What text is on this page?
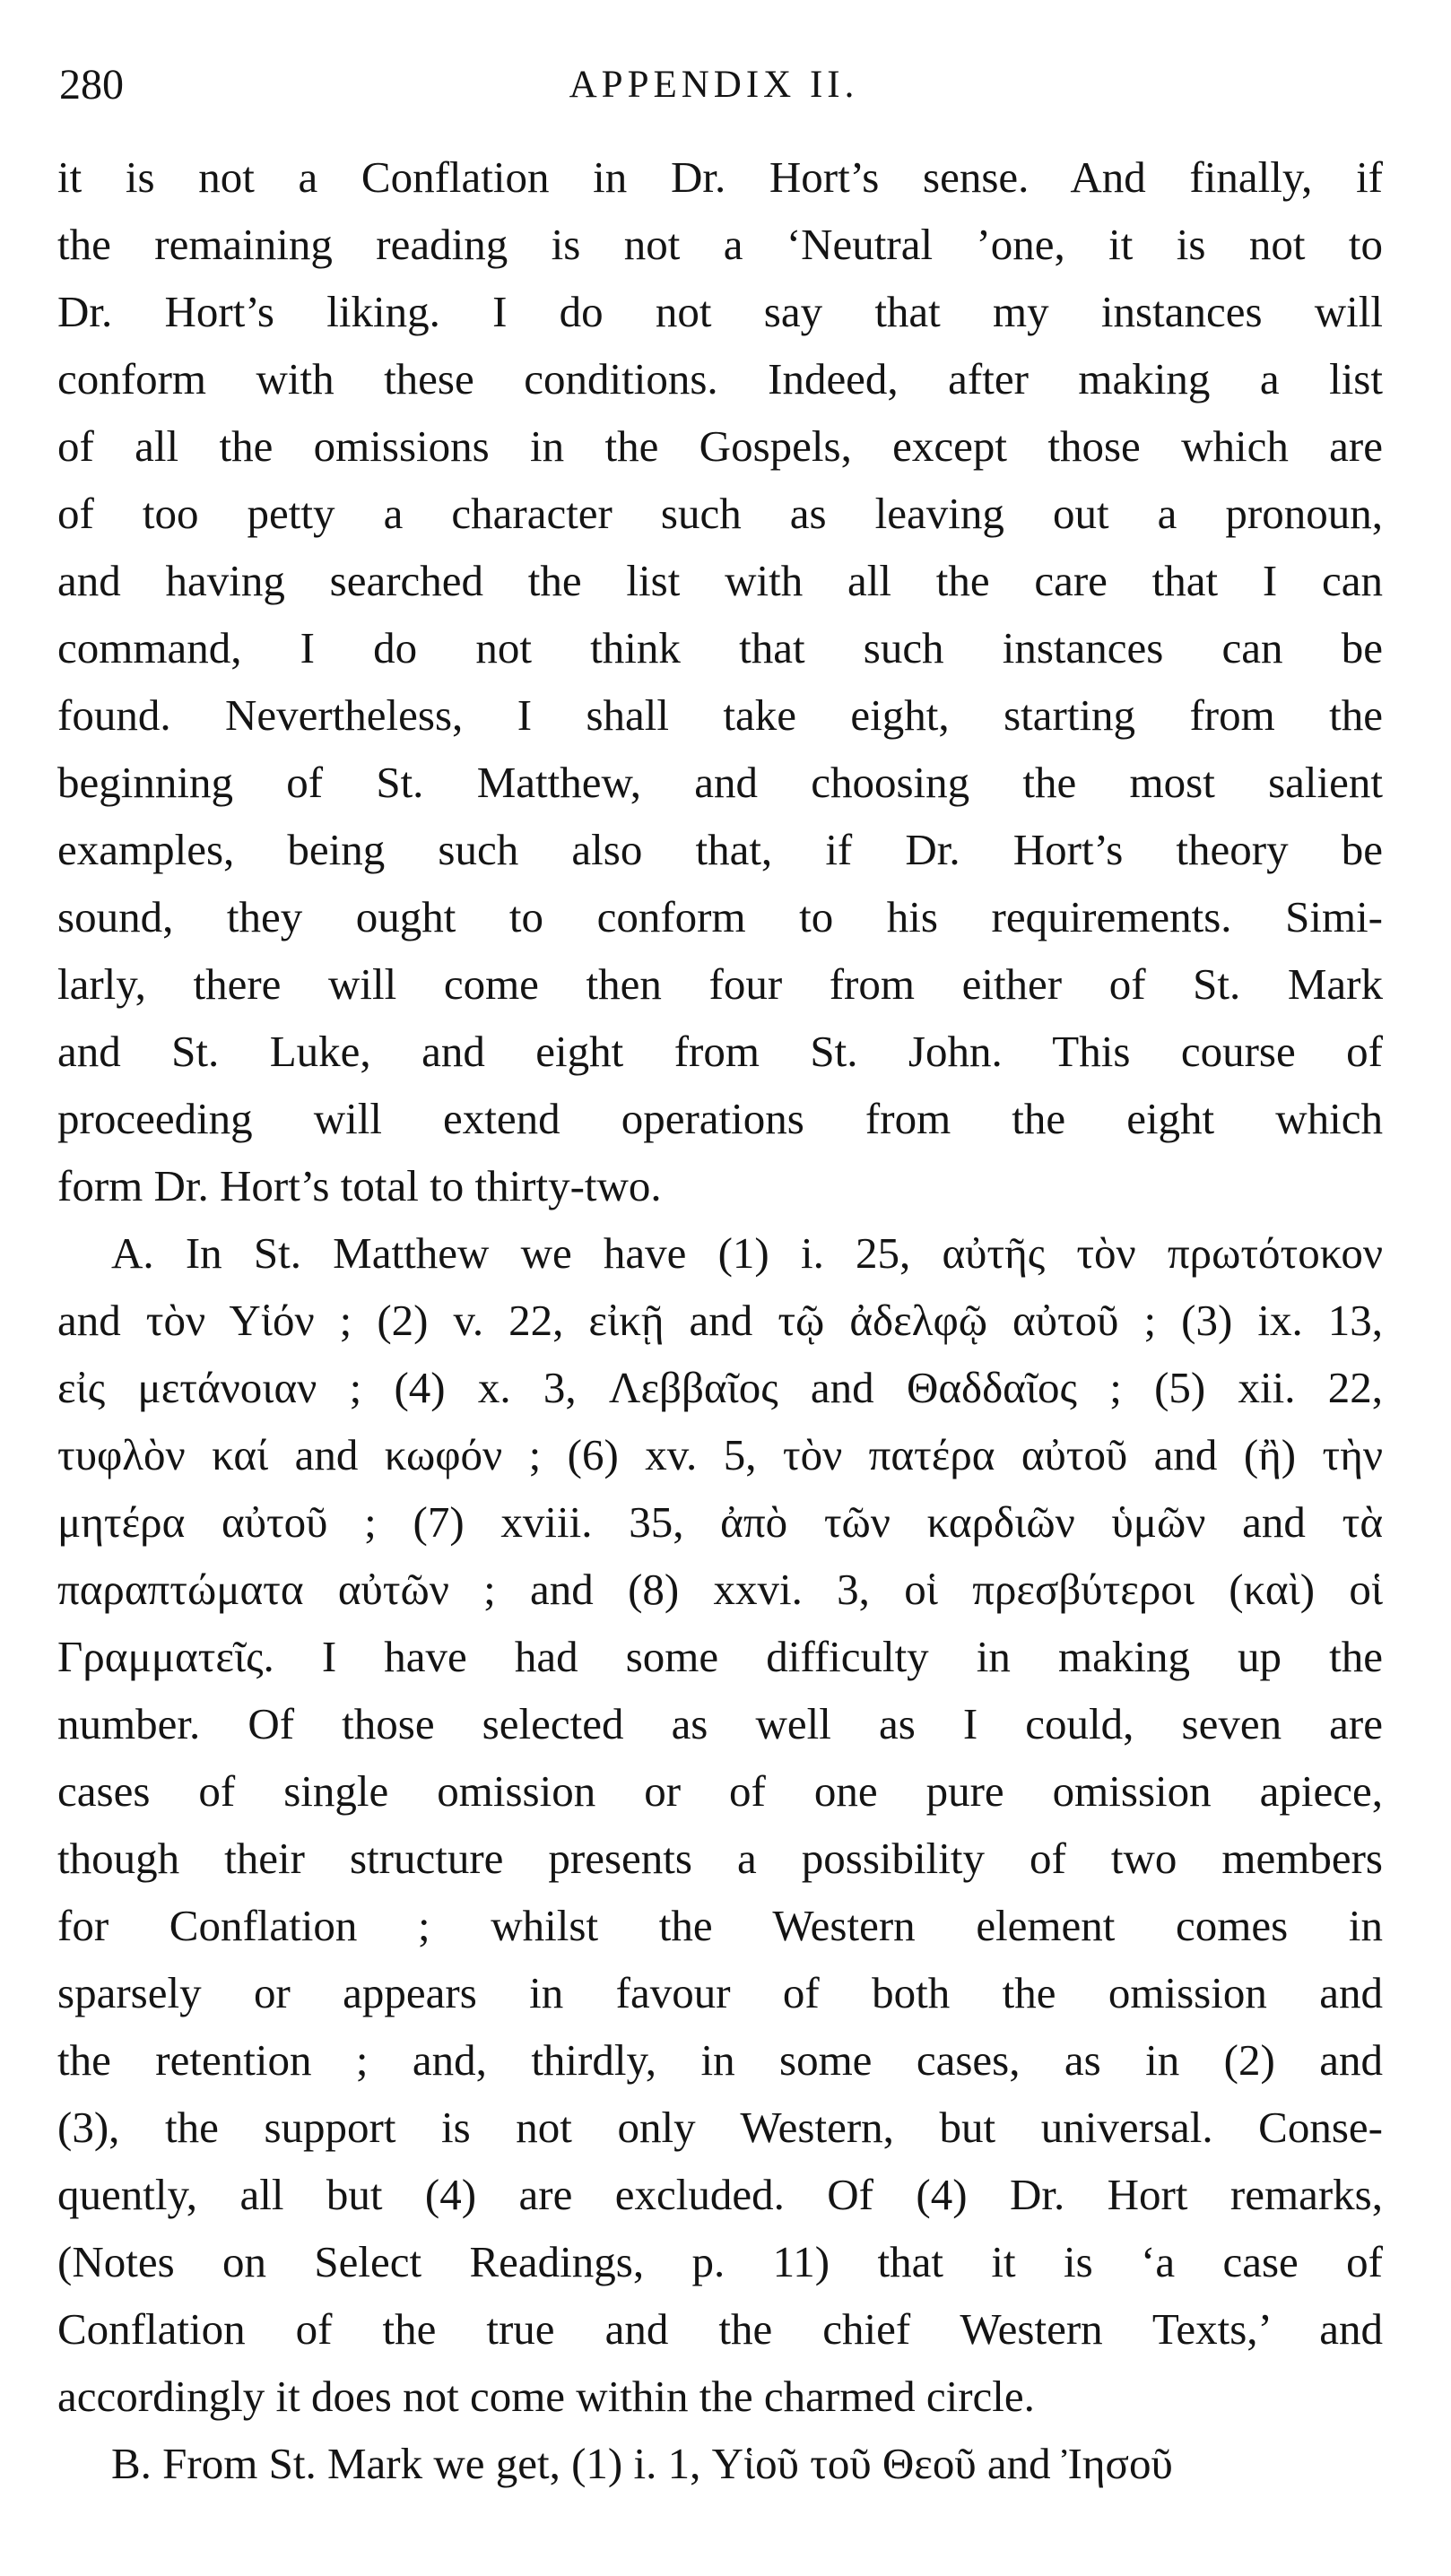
280	APPENDIX II.
it is not a Conflation in Dr. Hort’s sense. And finally, if
the remaining reading is not a ‘Neutral ’one, it is not to
Dr. Hort’s liking. I do not say that my instances will
conform with these conditions. Indeed, after making a list
of all the omissions in the Gospels, except those which are
of too petty a character such as leaving out a pronoun,
and having searched the list with all the care that I can
command, I do not think that such instances can be
found. Nevertheless, I shall take eight, starting from the
beginning of St. Matthew, and choosing the most salient
examples, being such also that, if Dr. Hort’s theory be
sound, they ought to conform to his requirements. Simi-
larly, there will come then four from either of St. Mark
and St. Luke, and eight from St. John. This course of
proceeding will extend operations from the eight which
form Dr. Hort’s total to thirty-two.
A. In St. Matthew we have (1) i. 25, αὐτῆς τὸν πρωτότοκον
and τὸν Υἱόν ; (2) v. 22, εἰκῇ and τῷ ἀδελφῷ αὐτοῦ ; (3) ix. 13,
εἰς μετάνοιαν ; (4) x. 3, Λεββαῖος and Θαδδαῖος ; (5) xii. 22,
τυφλὸν καί and κωφόν ; (6) xv. 5, τὸν πατέρα αὐτοῦ and (ἢ) τὴν
μητέρα αὐτοῦ ; (7) xviii. 35, ἀπὸ τῶν καρδιῶν ὑμῶν and τὰ
παραπτώματα αὐτῶν ; and (8) xxvi. 3, οἱ πρεσβύτεροι (καὶ) οἱ
Γραμματεῖς. I have had some difficulty in making up the
number. Of those selected as well as I could, seven are
cases of single omission or of one pure omission apiece,
though their structure presents a possibility of two members
for Conflation ; whilst the Western element comes in
sparsely or appears in favour of both the omission and
the retention ; and, thirdly, in some cases, as in (2) and
(3), the support is not only Western, but universal. Conse-
quently, all but (4) are excluded. Of (4) Dr. Hort remarks,
(Notes on Select Readings, p. 11) that it is ‘a case of
Conflation of the true and the chief Western Texts,’ and
accordingly it does not come within the charmed circle.
B. From St. Mark we get, (1) i. 1, Υἱοῦ τοῦ Θεοῦ and Ἰησοῦ
